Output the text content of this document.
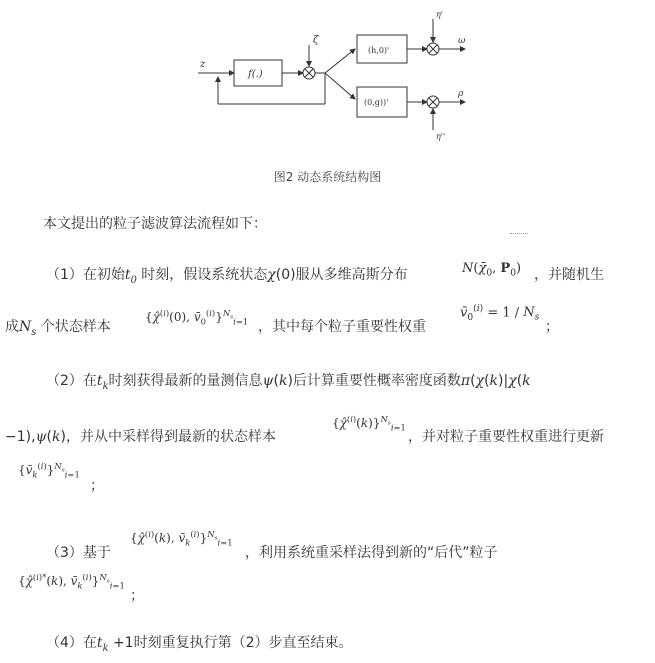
z
f(.)
ζ
(h,0)'
(0,g))'
η'
ω
η''
ρ
图2 动态系统结构图
本文提出的粒子滤波算法流程如下：
（1）在初始$t_0$ 时刻，假设系统状态χ(0)服从多维高斯分布	$N(\chī_0$, $P_0$) ，并随机生
成$N_s$ 个状态样本
{χ̂$^{(i)}$(0), $v̄_0^{(i)}\}^{N_s}_{i=1}$ ，其中每个粒子重要性权重
$v̄_0^{(i)} = 1 / N_s$
；
（2）在$t_k$时刻获得最新的量测信息ψ(k)后计算重要性概率密度函数π(χ(k)|χ(k
−1),ψ(k)，并从中采样得到最新的状态样本
{χ̂$^{(i)}$(k)}$^{N_s}_{i=1}$
，并对粒子重要性权重进行更新
$\{v̄_k^{(i)}\}^{N_s}_{i=1}$
；
（3）基于
{χ̂$^{(i)}$(k), $v̄_k^{(i)}\}^{N_s}_{i=1}$
，利用系统重采样法得到新的“后代”粒子
{χ̂$^{(i)*}$(k), $v̄_k^{(i)}\}^{N_s}_{i=1}$
；
（4）在$t_k +1$时刻重复执行第（2）步直至结束。
